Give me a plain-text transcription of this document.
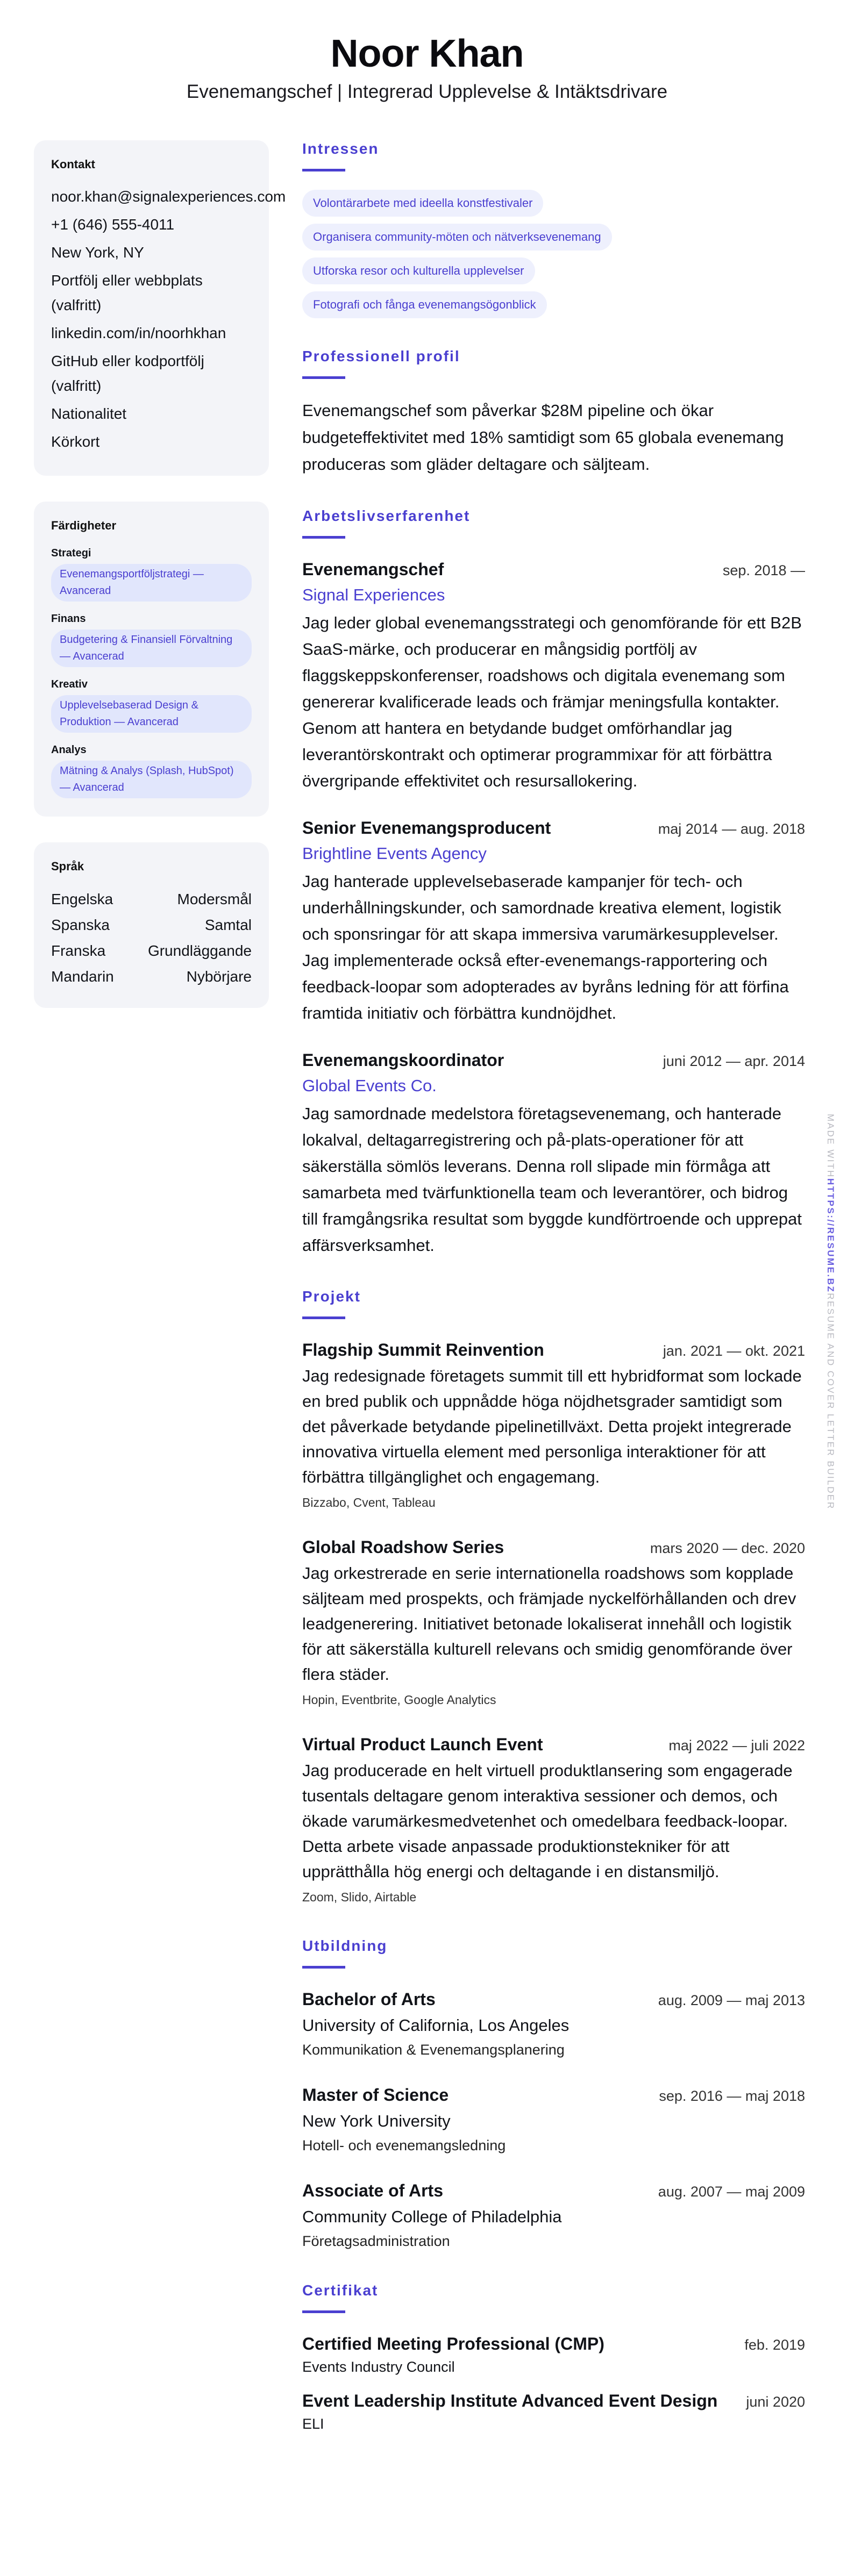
Noor Khan
Evenemangschef | Integrerad Upplevelse & Intäktsdrivare
Kontakt
noor.khan@signalexperiences.com
+1 (646) 555-4011
New York, NY
Portfölj eller webbplats (valfritt)
linkedin.com/in/noorhkhan
GitHub eller kodportfölj (valfritt)
Nationalitet
Körkort
Färdigheter
Strategi
Evenemangsportföljstrategi — Avancerad
Finans
Budgetering & Finansiell Förvaltning — Avancerad
Kreativ
Upplevelsebaserad Design & Produktion — Avancerad
Analys
Mätning & Analys (Splash, HubSpot) — Avancerad
Språk
Engelska	Modersmål
Spanska	Samtal
Franska	Grundläggande
Mandarin	Nybörjare
Intressen
Volontärarbete med ideella konstfestivaler
Organisera community-möten och nätverksevenemang
Utforska resor och kulturella upplevelser
Fotografi och fånga evenemangsögonblick
Professionell profil

Evenemangschef som påverkar $28M pipeline och ökar budgeteffektivitet med 18% samtidigt som 65 globala evenemang produceras som gläder deltagare och säljteam.

Arbetslivserfarenhet
Evenemangschef	sep. 2018 —
Signal Experiences

Jag leder global evenemangsstrategi och genomförande för ett B2B SaaS-märke, och producerar en mångsidig portfölj av flaggskeppskonferenser, roadshows och digitala evenemang som genererar kvalificerade leads och främjar meningsfulla kontakter. Genom att hantera en betydande budget omförhandlar jag leverantörskontrakt och optimerar programmixar för att förbättra övergripande effektivitet och resursallokering.

Senior Evenemangsproducent	maj 2014 — aug. 2018
Brightline Events Agency

Jag hanterade upplevelsebaserade kampanjer för tech- och underhållningskunder, och samordnade kreativa element, logistik och sponsringar för att skapa immersiva varumärkesupplevelser. Jag implementerade också efter-evenemangs-rapportering och feedback-loopar som adopterades av byråns ledning för att förfina framtida initiativ och förbättra kundnöjdhet.

Evenemangskoordinator	juni 2012 — apr. 2014
Global Events Co.

Jag samordnade medelstora företagsevenemang, och hanterade lokalval, deltagarregistrering och på-plats-operationer för att säkerställa sömlös leverans. Denna roll slipade min förmåga att samarbeta med tvärfunktionella team och leverantörer, och bidrog till framgångsrika resultat som byggde kundförtroende och upprepat affärsverksamhet.

Projekt
Flagship Summit Reinvention	jan. 2021 — okt. 2021

Jag redesignade företagets summit till ett hybridformat som lockade en bred publik och uppnådde höga nöjdhetsgrader samtidigt som det påverkade betydande pipelinetillväxt. Detta projekt integrerade innovativa virtuella element med personliga interaktioner för att förbättra tillgänglighet och engagemang.

Bizzabo, Cvent, Tableau
Global Roadshow Series	mars 2020 — dec. 2020

Jag orkestrerade en serie internationella roadshows som kopplade säljteam med prospekts, och främjade nyckelförhållanden och drev leadgenerering. Initiativet betonade lokaliserat innehåll och logistik för att säkerställa kulturell relevans och smidig genomförande över flera städer.

Hopin, Eventbrite, Google Analytics
Virtual Product Launch Event	maj 2022 — juli 2022

Jag producerade en helt virtuell produktlansering som engagerade tusentals deltagare genom interaktiva sessioner och demos, och ökade varumärkesmedvetenhet och omedelbara feedback-loopar. Detta arbete visade anpassade produktionstekniker för att upprätthålla hög energi och deltagande i en distansmiljö.

Zoom, Slido, Airtable
Utbildning
Bachelor of Arts	aug. 2009 — maj 2013
University of California, Los Angeles
Kommunikation & Evenemangsplanering
Master of Science	sep. 2016 — maj 2018
New York University
Hotell- och evenemangsledning
Associate of Arts	aug. 2007 — maj 2009
Community College of Philadelphia
Företagsadministration
Certifikat
Certified Meeting Professional (CMP)	feb. 2019
Events Industry Council
Event Leadership Institute Advanced Event Design juni 2020
ELI
MADE WITHHTTPS://RESUME.BZRESUME AND COVER LETTER BUILDER
